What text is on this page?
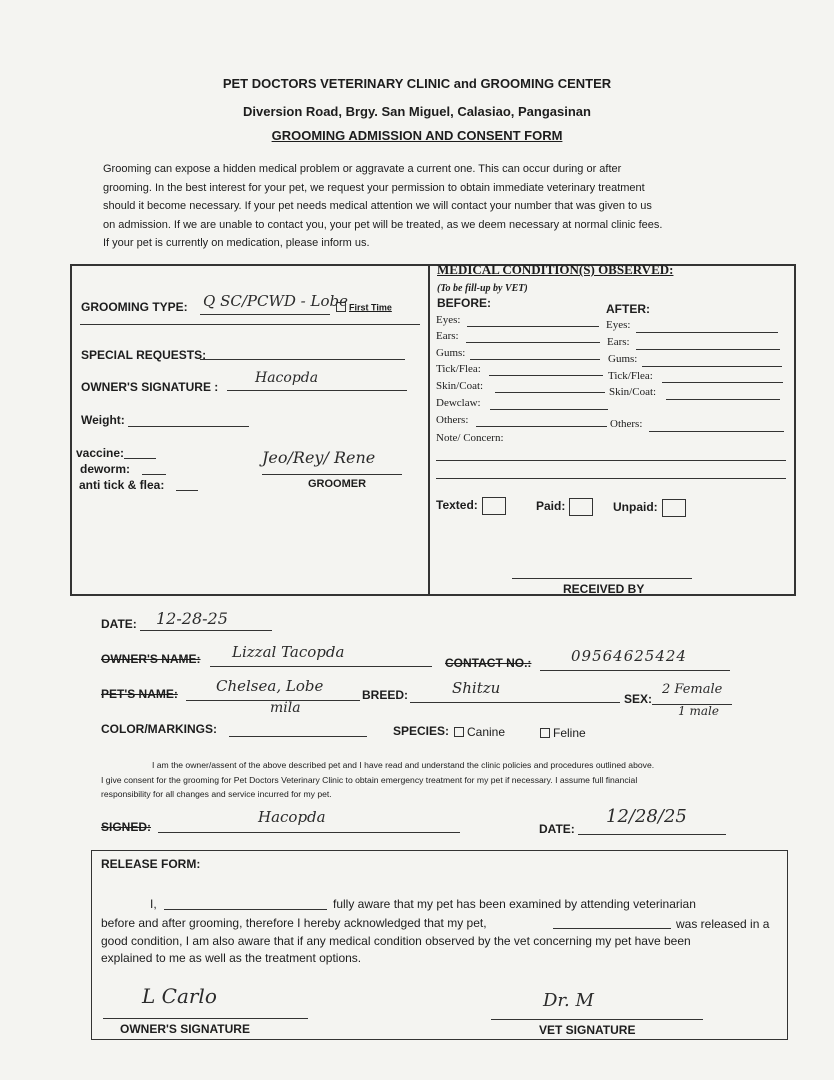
PET DOCTORS VETERINARY CLINIC and GROOMING CENTER
Diversion Road, Brgy. San Miguel, Calasiao, Pangasinan
GROOMING ADMISSION AND CONSENT FORM
Grooming can expose a hidden medical problem or aggravate a current one. This can occur during or after
grooming. In the best interest for your pet, we request your permission to obtain immediate veterinary treatment
should it become necessary. If your pet needs medical attention we will contact your number that was given to us
on admission. If we are unable to contact you, your pet will be treated, as we deem necessary at normal clinic fees.
If your pet is currently on medication, please inform us.
GROOMING TYPE: Q SC/PCWD - Lobe First Time
SPECIAL REQUESTS:
OWNER'S SIGNATURE :
Hacopda
Weight:
vaccine:
deworm:
anti tick & flea:
Jeo/Rey/ Rene
GROOMER
MEDICAL CONDITION(S) OBSERVED:
(To be fill-up by VET)
BEFORE:	AFTER:
Eyes:
Ears:
Gums:
Tick/Flea:
Skin/Coat:
Dewclaw:
Others:
Eyes:
Ears:
Gums:
Tick/Flea:
Skin/Coat:
Others:
Note/ Concern:
Texted:	Paid:	Unpaid:
RECEIVED BY
DATE: 12-28-25
OWNER'S NAME: Lizzal Tacopda
CONTACT NO.:	09564625424
PET'S NAME:	Chelsea, Lobe
mila
BREED:	Shitzu
SEX:
2 Female
1 male
COLOR/MARKINGS:	SPECIES:	Canine	Feline
I am the owner/assent of the above described pet and I have read and understand the clinic policies and procedures outlined above.
I give consent for the grooming for Pet Doctors Veterinary Clinic to obtain emergency treatment for my pet if necessary. I assume full financial
responsibility for all changes and service incurred for my pet.
SIGNED:
Hacopda
DATE:
12/28/25
RELEASE FORM:
I,	fully aware that my pet has been examined by attending veterinarian
before and after grooming, therefore I hereby acknowledged that my pet,	was released in a
good condition, I am also aware that if any medical condition observed by the vet concerning my pet have been
explained to me as well as the treatment options.
L Carlo
OWNER'S SIGNATURE
Dr. M
VET SIGNATURE
